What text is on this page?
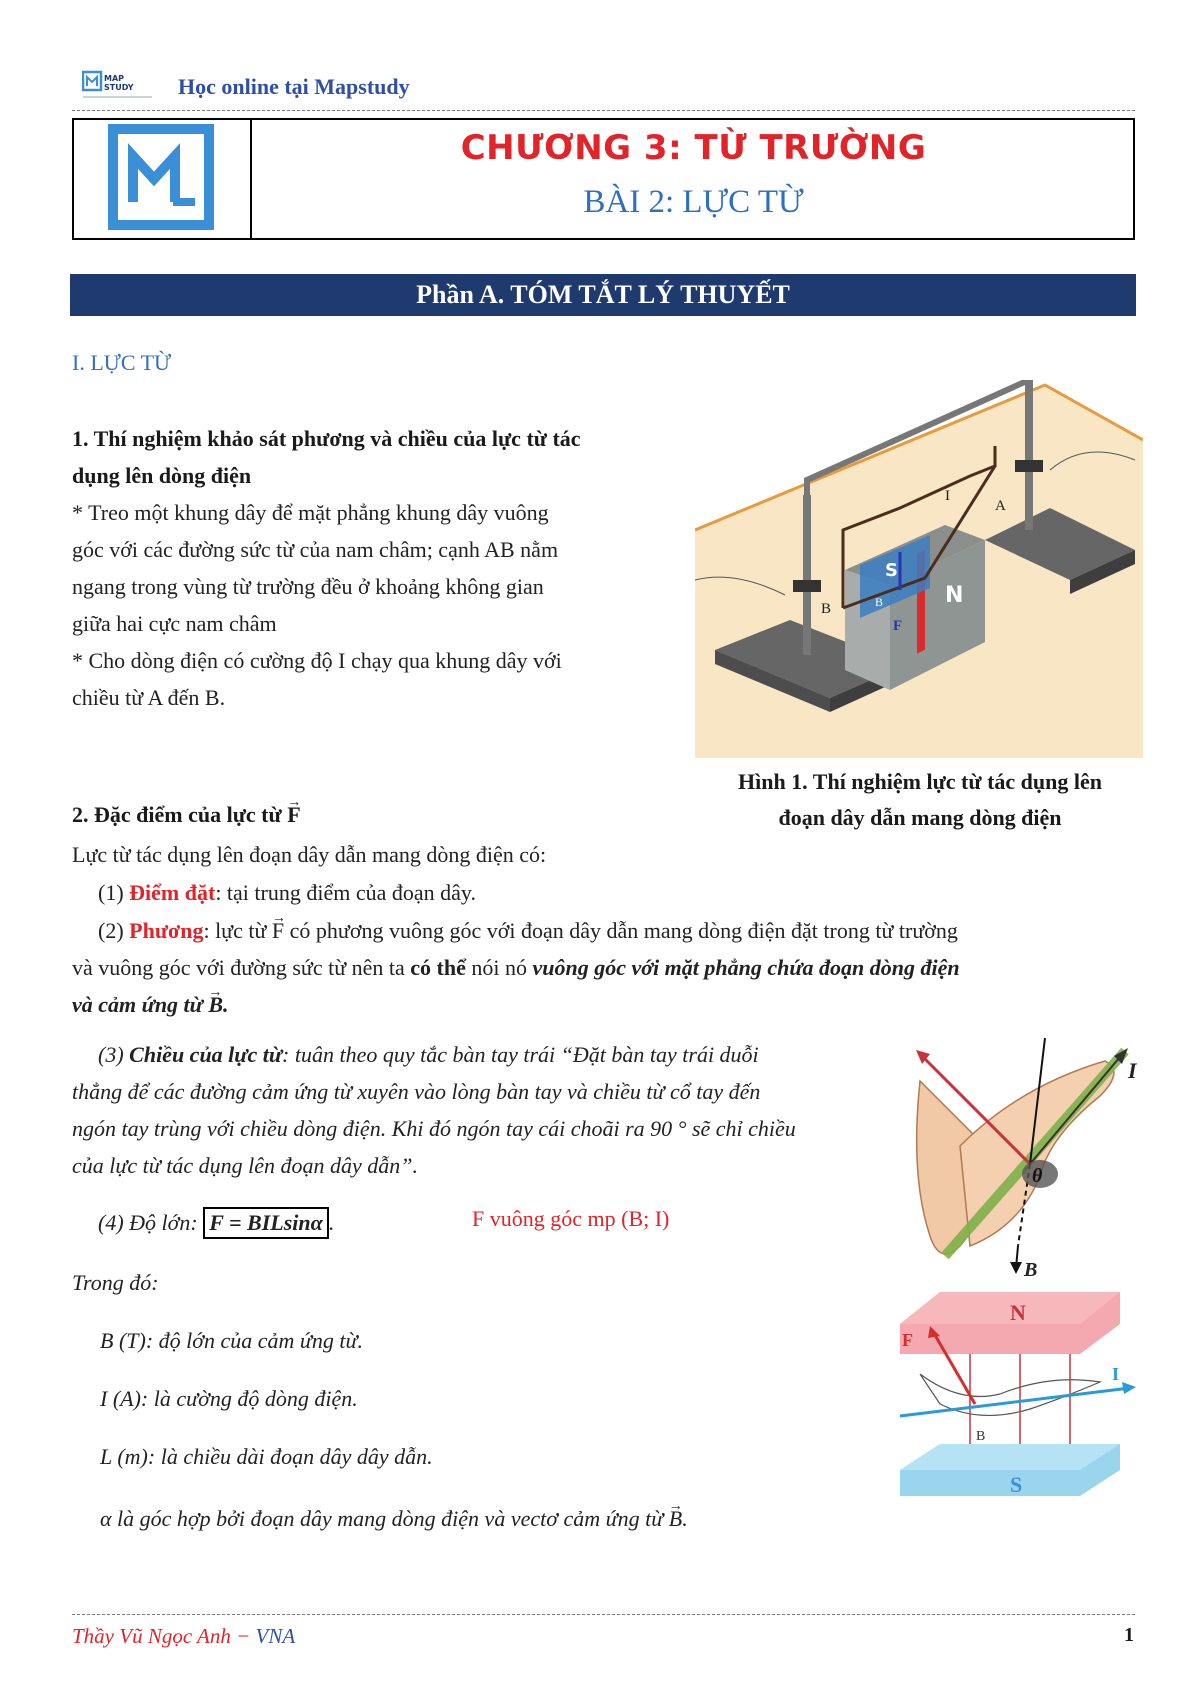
MAP
STUDY Học online tại Mapstudy
CHƯƠNG 3: TỪ TRƯỜNG
BÀI 2: LỰC TỪ
Phần A. TÓM TẮT LÝ THUYẾT
I. LỰC TỪ
1. Thí nghiệm khảo sát phương và chiều của lực từ tác
dụng lên dòng điện
* Treo một khung dây để mặt phẳng khung dây vuông
góc với các đường sức từ của nam châm; cạnh AB nằm
ngang trong vùng từ trường đều ở khoảng không gian
giữa hai cực nam châm
* Cho dòng điện có cường độ I chạy qua khung dây với
chiều từ A đến B.
S
N
B
A
I
F
B
Hình 1. Thí nghiệm lực từ tác dụng lên
đoạn dây dẫn mang dòng điện
2. Đặc điểm của lực từ → F
Lực từ tác dụng lên đoạn dây dẫn mang dòng điện có:
(1) Điểm đặt: tại trung điểm của đoạn dây.
(2) Phương: lực từ → F có phương vuông góc với đoạn dây dẫn mang dòng điện đặt trong từ trường
và vuông góc với đường sức từ nên ta có thể nói nó vuông góc với mặt phẳng chứa đoạn dòng điện
và cảm ứng từ → B.
(3) Chiều của lực từ: tuân theo quy tắc bàn tay trái “Đặt bàn tay trái duỗi
thẳng để các đường cảm ứng từ xuyên vào lòng bàn tay và chiều từ cổ tay đến
ngón tay trùng với chiều dòng điện. Khi đó ngón tay cái choãi ra 90 ° sẽ chỉ chiều
của lực từ tác dụng lên đoạn dây dẫn”.
(4) Độ lớn: F = BILsinα .	F vuông góc mp (B; I)
Trong đó:
B (T): độ lớn của cảm ứng từ.
I (A): là cường độ dòng điện.
L (m): là chiều dài đoạn dây dây dẫn.
α là góc hợp bởi đoạn dây mang dòng điện và vectơ cảm ứng từ → B.
θ
I
B
N
S
F
I
B
Thầy Vũ Ngọc Anh − VNA	1
